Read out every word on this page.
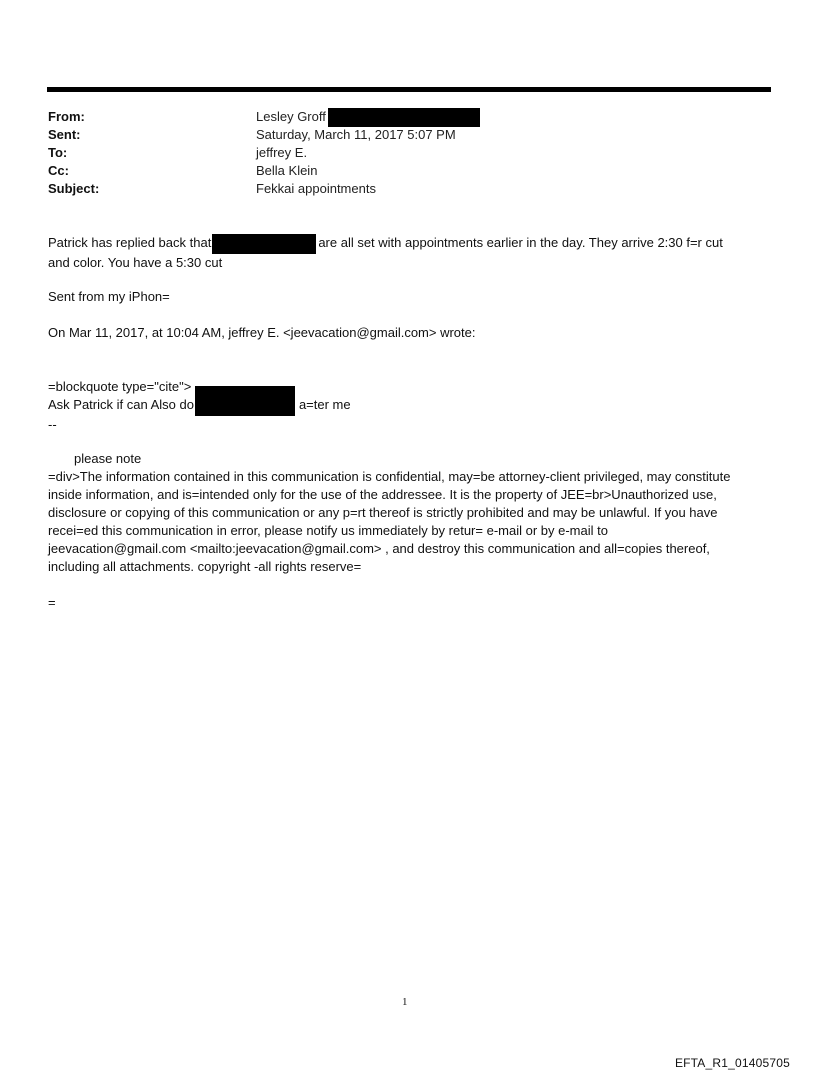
From:	Lesley Groff
Sent:	Saturday, March 11, 2017 5:07 PM
To:	jeffrey E.
Cc:	Bella Klein
Subject:	Fekkai appointments
Patrick has replied back that	are all set with appointments earlier in the day. They arrive 2:30 f=r cut
and color. You have a 5:30 cut
Sent from my iPhon=
On Mar 11, 2017, at 10:04 AM, jeffrey E. <jeevacation@gmail.com> wrote:
=blockquote type="cite">
Ask Patrick if can Also do	a=ter me
--
please note
=div>The information contained in this communication is confidential, may=be attorney-client privileged, may constitute
inside information, and is=intended only for the use of the addressee. It is the property of JEE=br>Unauthorized use,
disclosure or copying of this communication or any p=rt thereof is strictly prohibited and may be unlawful. If you have
recei=ed this communication in error, please notify us immediately by retur= e-mail or by e-mail to
jeevacation@gmail.com <mailto:jeevacation@gmail.com> , and destroy this communication and all=copies thereof,
including all attachments. copyright -all rights reserve=
=
1
EFTA_R1_01405705
